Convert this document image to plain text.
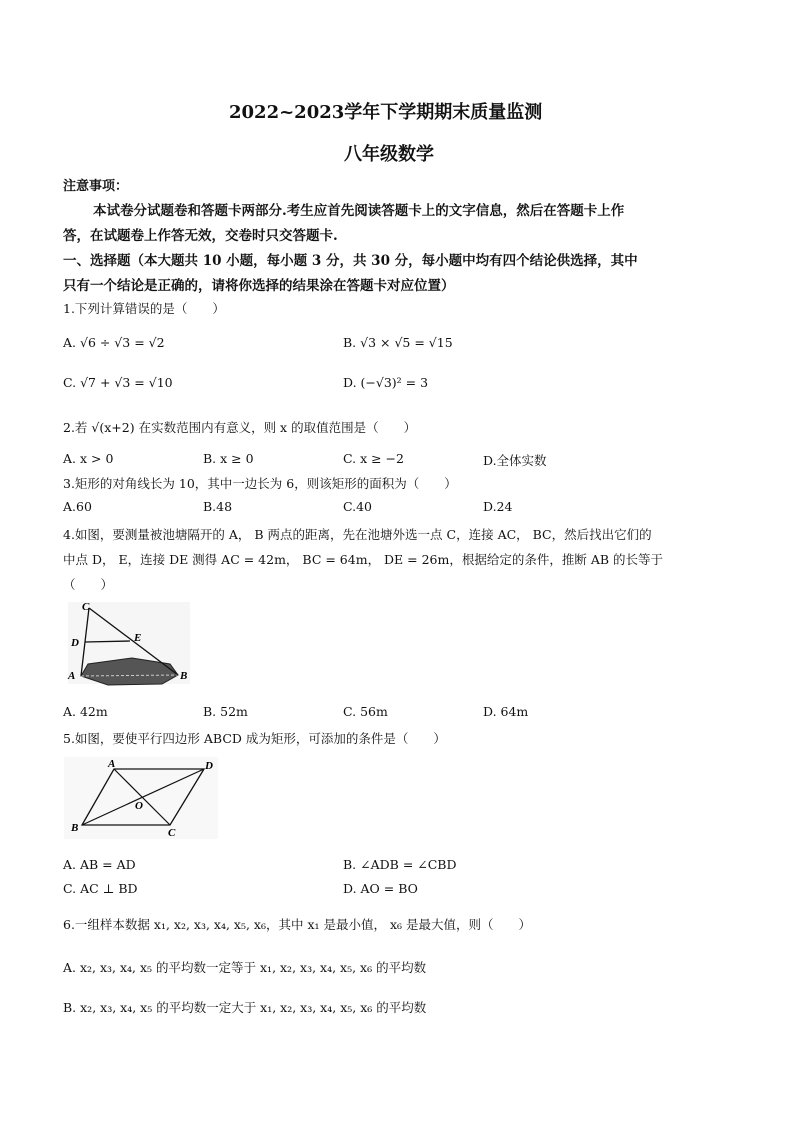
2022~2023学年下学期期末质量监测
八年级数学
注意事项：
本试卷分试题卷和答题卡两部分.考生应首先阅读答题卡上的文字信息，然后在答题卡上作
答，在试题卷上作答无效，交卷时只交答题卡.
一、选择题（本大题共 10 小题，每小题 3 分，共 30 分，每小题中均有四个结论供选择，其中
只有一个结论是正确的，请将你选择的结果涂在答题卡对应位置）
1.下列计算错误的是（　　）
A. √6 ÷ √3 = √2	B. √3 × √5 = √15
C. √7 + √3 = √10	D. (−√3)² = 3
2.若 √(x+2) 在实数范围内有意义，则 x 的取值范围是（　　）
A. x > 0	B. x ≥ 0	C. x ≥ −2	D.全体实数
3.矩形的对角线长为 10，其中一边长为 6，则该矩形的面积为（　　）
A.60	B.48	C.40	D.24
4.如图，要测量被池塘隔开的 A， B 两点的距离，先在池塘外选一点 C，连接 AC， BC，然后找出它们的
中点 D， E，连接 DE 测得 AC = 42m， BC = 64m， DE = 26m，根据给定的条件，推断 AB 的长等于
（　　）
C
D	E
A	B
A. 42m	B. 52m	C. 56m	D. 64m
5.如图，要使平行四边形 ABCD 成为矩形，可添加的条件是（　　）
A	D
O
B	C
A. AB = AD	B. ∠ADB = ∠CBD
C. AC ⊥ BD	D. AO = BO
6.一组样本数据 x₁, x₂, x₃, x₄, x₅, x₆，其中 x₁ 是最小值， x₆ 是最大值，则（　　）
A. x₂, x₃, x₄, x₅ 的平均数一定等于 x₁, x₂, x₃, x₄, x₅, x₆ 的平均数
B. x₂, x₃, x₄, x₅ 的平均数一定大于 x₁, x₂, x₃, x₄, x₅, x₆ 的平均数
